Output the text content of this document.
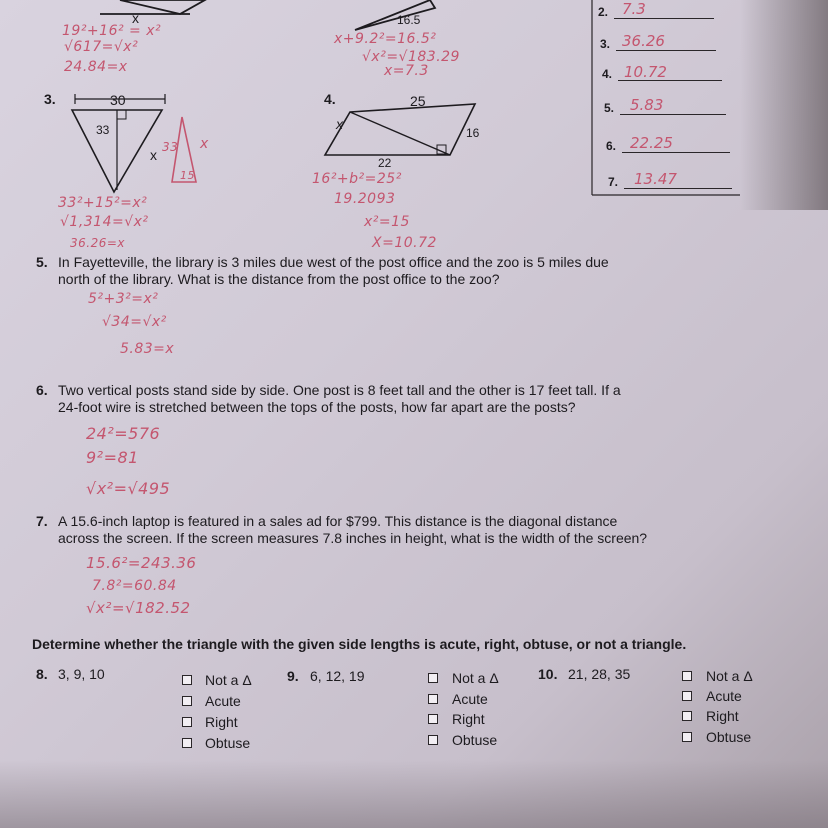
x	16.5
19²+16² = x²
√617=√x²
24.84=x
x+9.2²=16.5²
√x²=√183.29
x=7.3
3.	30
33
33
15
x
x
33²+15²=x²
√1,314=√x²
36.26=x
4.	25
x
16
22
16²+b²=25²
19.2093
x²=15
X=10.72
2. 7.3
3. 36.26
4. 10.72
5. 5.83
6. 22.25
7. 13.47
5. In Fayetteville, the library is 3 miles due west of the post office and the zoo is 5 miles due
north of the library. What is the distance from the post office to the zoo?
5²+3²=x²
√34=√x²
5.83=x
6. Two vertical posts stand side by side. One post is 8 feet tall and the other is 17 feet tall. If a
24-foot wire is stretched between the tops of the posts, how far apart are the posts?
24²=576
9²=81
√x²=√495
7. A 15.6-inch laptop is featured in a sales ad for $799. This distance is the diagonal distance
across the screen. If the screen measures 7.8 inches in height, what is the width of the screen?
15.6²=243.36
7.8²=60.84
√x²=√182.52
Determine whether the triangle with the given side lengths is acute, right, obtuse, or not a triangle.
8. 3, 9, 10	Not a Δ
Acute
Right
Obtuse
9. 6, 12, 19	Not a Δ
Acute
Right
Obtuse
10. 21, 28, 35	Not a Δ
Acute
Right
Obtuse
